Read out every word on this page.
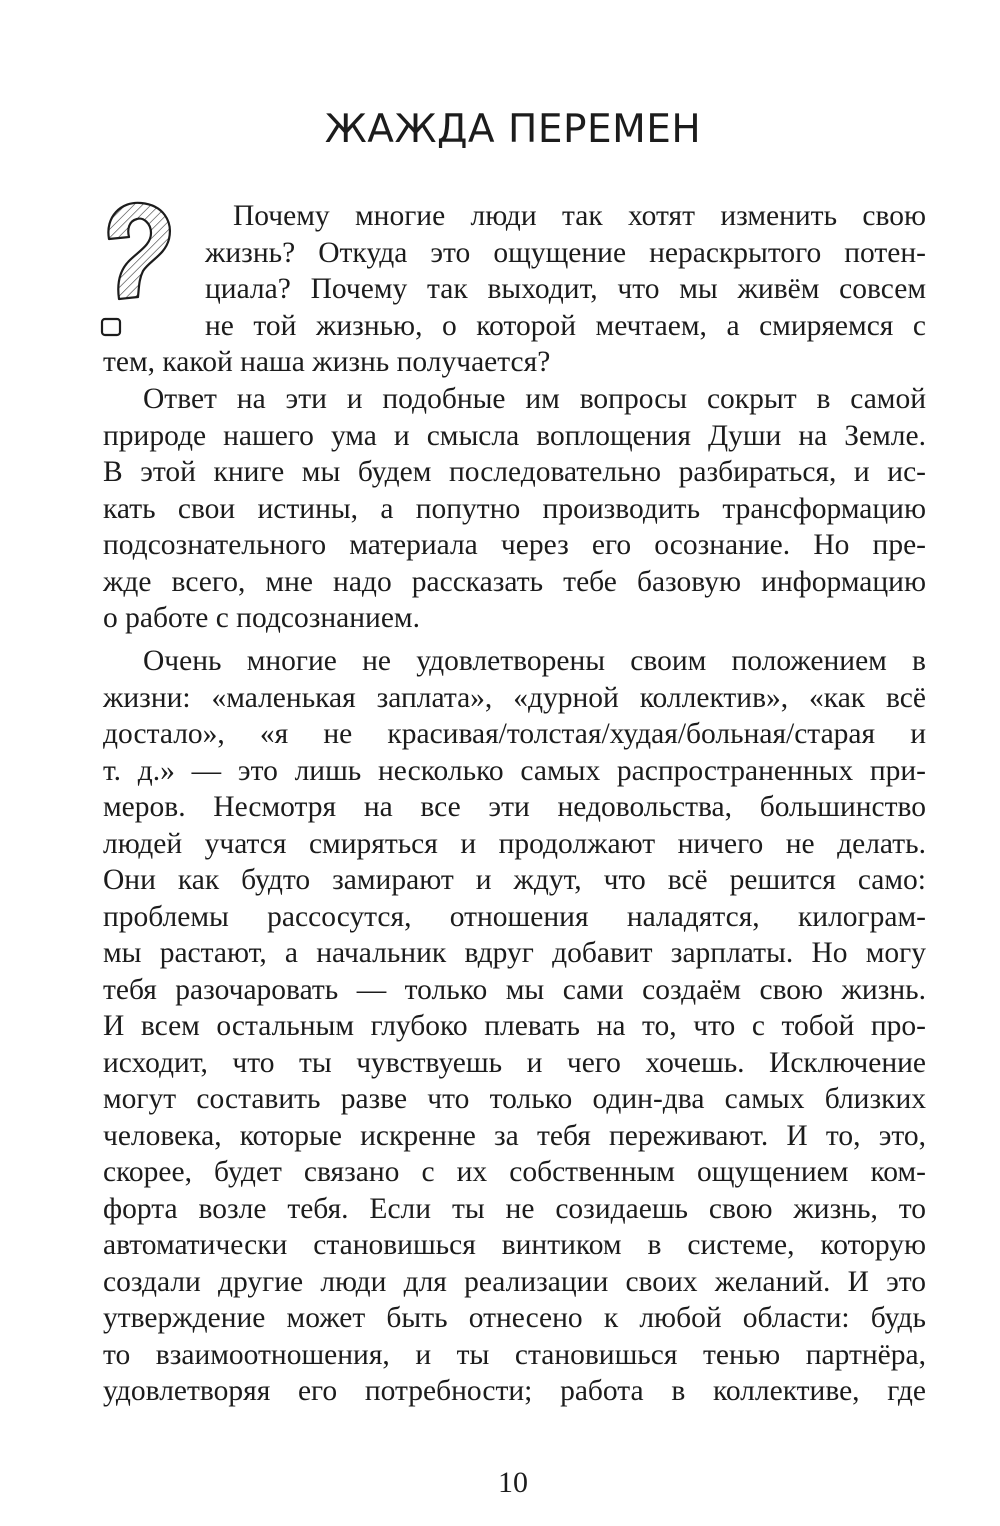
ЖАЖДА ПЕРЕМЕН
Почему многие люди так хотят изменить свою
жизнь? Откуда это ощущение нераскрытого потен-
циала? Почему так выходит, что мы живём совсем
не той жизнью, о которой мечтаем, а смиряемся с
тем, какой наша жизнь получается?
Ответ на эти и подобные им вопросы сокрыт в самой
природе нашего ума и смысла воплощения Души на Земле.
В этой книге мы будем последовательно разбираться, и ис-
кать свои истины, а попутно производить трансформацию
подсознательного материала через его осознание. Но пре-
жде всего, мне надо рассказать тебе базовую информацию
о работе с подсознанием.
Очень многие не удовлетворены своим положением в
жизни: «маленькая заплата», «дурной коллектив», «как всё
достало», «я не красивая/толстая/худая/больная/старая и
т. д.» — это лишь несколько самых распространенных при-
меров. Несмотря на все эти недовольства, большинство
людей учатся смиряться и продолжают ничего не делать.
Они как будто замирают и ждут, что всё решится само:
проблемы рассосутся, отношения наладятся, килограм-
мы растают, а начальник вдруг добавит зарплаты. Но могу
тебя разочаровать — только мы сами создаём свою жизнь.
И всем остальным глубоко плевать на то, что с тобой про-
исходит, что ты чувствуешь и чего хочешь. Исключение
могут составить разве что только один-два самых близких
человека, которые искренне за тебя переживают. И то, это,
скорее, будет связано с их собственным ощущением ком-
форта возле тебя. Если ты не созидаешь свою жизнь, то
автоматически становишься винтиком в системе, которую
создали другие люди для реализации своих желаний. И это
утверждение может быть отнесено к любой области: будь
то взаимоотношения, и ты становишься тенью партнёра,
удовлетворяя его потребности; работа в коллективе, где
10
